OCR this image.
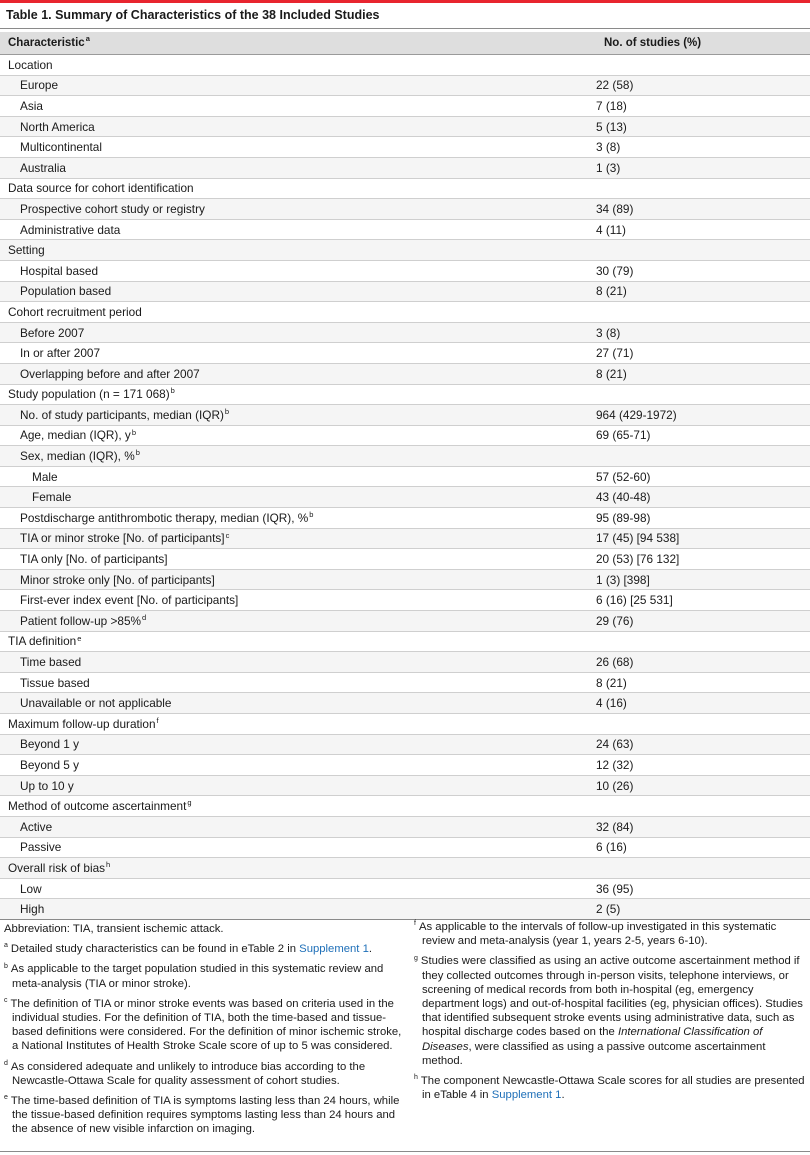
Table 1. Summary of Characteristics of the 38 Included Studies
Characteristic$^a$	No. of studies (%)
Location	
Europe	22 (58)
Asia	7 (18)
North America	5 (13)
Multicontinental	3 (8)
Australia	1 (3)
Data source for cohort identification	
Prospective cohort study or registry	34 (89)
Administrative data	4 (11)
Setting	
Hospital based	30 (79)
Population based	8 (21)
Cohort recruitment period	
Before 2007	3 (8)
In or after 2007	27 (71)
Overlapping before and after 2007	8 (21)
Study population (n = 171 068)$^b$	
No. of study participants, median (IQR)$^b$	964 (429-1972)
Age, median (IQR), $y^b$	69 (65-71)
Sex, median (IQR), %$^b$	
Male	57 (52-60)
Female	43 (40-48)
Postdischarge antithrombotic therapy, median (IQR), %$^b$	95 (89-98)
TIA or minor stroke [No. of participants]$^c$	17 (45) [94 538]
TIA only [No. of participants]	20 (53) [76 132]
Minor stroke only [No. of participants]	1 (3) [398]
First-ever index event [No. of participants]	6 (16) [25 531]
Patient follow-up >85%$^d$	29 (76)
TIA definition$^e$	
Time based	26 (68)
Tissue based	8 (21)
Unavailable or not applicable	4 (16)
Maximum follow-up duration$^f$	
Beyond 1 y	24 (63)
Beyond 5 y	12 (32)
Up to 10 y	10 (26)
Method of outcome ascertainment$^g$	
Active	32 (84)
Passive	6 (16)
Overall risk of bias$^h$	
Low	36 (95)
High	2 (5)
Abbreviation: TIA, transient ischemic attack.
$^a$ Detailed study characteristics can be found in eTable 2 in Supplement 1.
$^b$ As applicable to the target population studied in this systematic review and meta-analysis (TIA or minor stroke).
$^c$ The definition of TIA or minor stroke events was based on criteria used in the individual studies. For the definition of TIA, both the time-based and tissue-based definitions were considered. For the definition of minor ischemic stroke, a National Institutes of Health Stroke Scale score of up to 5 was considered.
$^d$ As considered adequate and unlikely to introduce bias according to the Newcastle-Ottawa Scale for quality assessment of cohort studies.
$^e$ The time-based definition of TIA is symptoms lasting less than 24 hours, while the tissue-based definition requires symptoms lasting less than 24 hours and the absence of new visible infarction on imaging.
$^f$ As applicable to the intervals of follow-up investigated in this systematic review and meta-analysis (year 1, years 2-5, years 6-10).
$^g$ Studies were classified as using an active outcome ascertainment method if they collected outcomes through in-person visits, telephone interviews, or screening of medical records from both in-hospital (eg, emergency department logs) and out-of-hospital facilities (eg, physician offices). Studies that identified subsequent stroke events using administrative data, such as hospital discharge codes based on the International Classification of Diseases, were classified as using a passive outcome ascertainment method.
$^h$ The component Newcastle-Ottawa Scale scores for all studies are presented in eTable 4 in Supplement 1.
